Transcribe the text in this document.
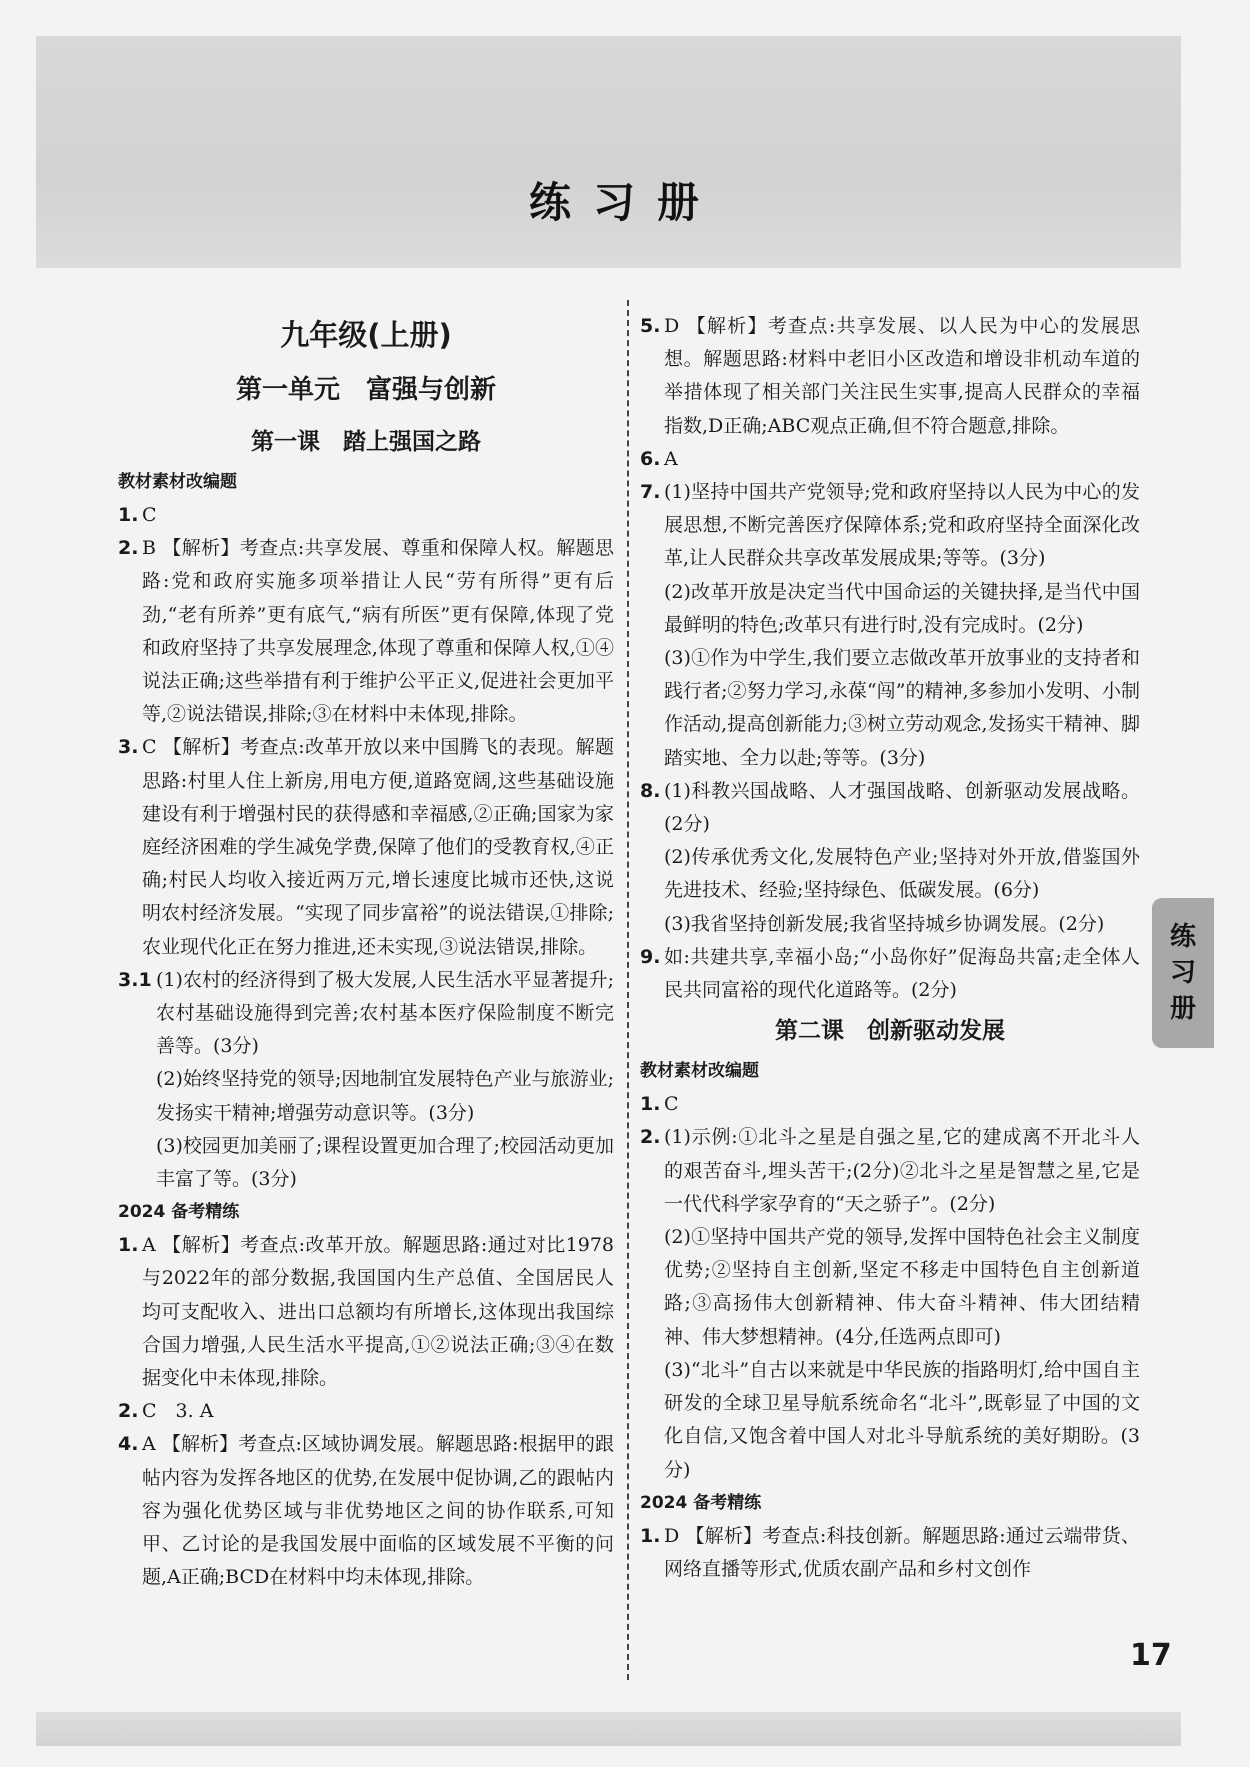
练习册
九年级(上册)
第一单元　富强与创新
第一课　踏上强国之路
教材素材改编题
1. C

2. B 【解析】考查点:共享发展、尊重和保障人权。解题思路:党和政府实施多项举措让人民“劳有所得”更有后劲,“老有所养”更有底气,“病有所医”更有保障,体现了党和政府坚持了共享发展理念,体现了尊重和保障人权,①④说法正确;这些举措有利于维护公平正义,促进社会更加平等,②说法错误,排除;③在材料中未体现,排除。

3. C 【解析】考查点:改革开放以来中国腾飞的表现。解题思路:村里人住上新房,用电方便,道路宽阔,这些基础设施建设有利于增强村民的获得感和幸福感,②正确;国家为家庭经济困难的学生减免学费,保障了他们的受教育权,④正确;村民人均收入接近两万元,增长速度比城市还快,这说明农村经济发展。“实现了同步富裕”的说法错误,①排除;农业现代化正在努力推进,还未实现,③说法错误,排除。

3.1 (1)农村的经济得到了极大发展,人民生活水平显著提升;农村基础设施得到完善;农村基本医疗保险制度不断完善等。(3分)

(2)始终坚持党的领导;因地制宜发展特色产业与旅游业;发扬实干精神;增强劳动意识等。(3分)

(3)校园更加美丽了;课程设置更加合理了;校园活动更加丰富了等。(3分)

2024 备考精练
1. A 【解析】考查点:改革开放。解题思路:通过对比1978与2022年的部分数据,我国国内生产总值、全国居民人均可支配收入、进出口总额均有所增长,这体现出我国综合国力增强,人民生活水平提高,①②说法正确;③④在数据变化中未体现,排除。

2. C　3. A

4. A 【解析】考查点:区域协调发展。解题思路:根据甲的跟帖内容为发挥各地区的优势,在发展中促协调,乙的跟帖内容为强化优势区域与非优势地区之间的协作联系,可知甲、乙讨论的是我国发展中面临的区域发展不平衡的问题,A正确;BCD在材料中均未体现,排除。

5. D 【解析】考查点:共享发展、以人民为中心的发展思想。解题思路:材料中老旧小区改造和增设非机动车道的举措体现了相关部门关注民生实事,提高人民群众的幸福指数,D正确;ABC观点正确,但不符合题意,排除。

6. A

7. (1)坚持中国共产党领导;党和政府坚持以人民为中心的发展思想,不断完善医疗保障体系;党和政府坚持全面深化改革,让人民群众共享改革发展成果;等等。(3分)

(2)改革开放是决定当代中国命运的关键抉择,是当代中国最鲜明的特色;改革只有进行时,没有完成时。(2分)

(3)①作为中学生,我们要立志做改革开放事业的支持者和践行者;②努力学习,永葆“闯”的精神,多参加小发明、小制作活动,提高创新能力;③树立劳动观念,发扬实干精神、脚踏实地、全力以赴;等等。(3分)

8. (1)科教兴国战略、人才强国战略、创新驱动发展战略。(2分)

(2)传承优秀文化,发展特色产业;坚持对外开放,借鉴国外先进技术、经验;坚持绿色、低碳发展。(6分)

(3)我省坚持创新发展;我省坚持城乡协调发展。(2分)

9. 如:共建共享,幸福小岛;“小岛你好”促海岛共富;走全体人民共同富裕的现代化道路等。(2分)

第二课　创新驱动发展
教材素材改编题
1. C

2. (1)示例:①北斗之星是自强之星,它的建成离不开北斗人的艰苦奋斗,埋头苦干;(2分)②北斗之星是智慧之星,它是一代代科学家孕育的“天之骄子”。(2分)

(2)①坚持中国共产党的领导,发挥中国特色社会主义制度优势;②坚持自主创新,坚定不移走中国特色自主创新道路;③高扬伟大创新精神、伟大奋斗精神、伟大团结精神、伟大梦想精神。(4分,任选两点即可)

(3)“北斗”自古以来就是中华民族的指路明灯,给中国自主研发的全球卫星导航系统命名“北斗”,既彰显了中国的文化自信,又饱含着中国人对北斗导航系统的美好期盼。(3分)

2024 备考精练
1. D 【解析】考查点:科技创新。解题思路:通过云端带货、网络直播等形式,优质农副产品和乡村文创作

练
习
册
17
